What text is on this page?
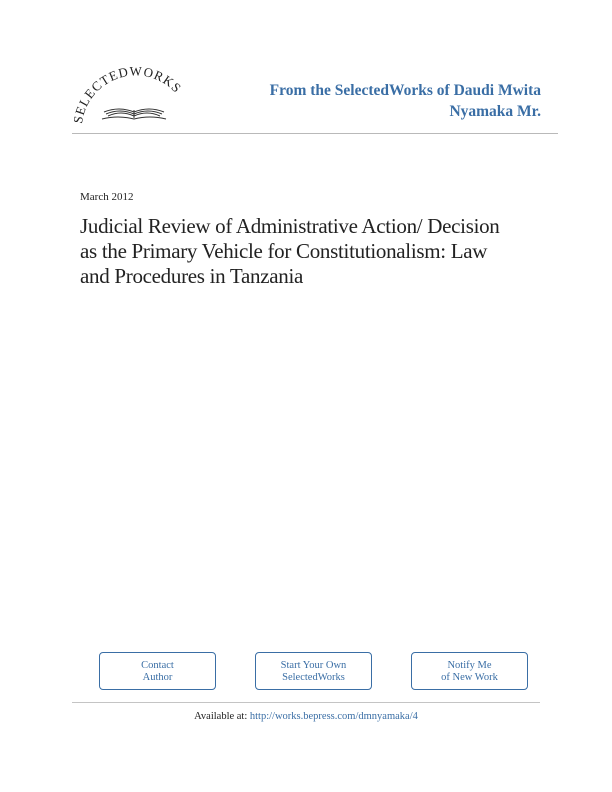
LECTEDWORKS	From the SelectedWorks of Daudi Mwita
Nyamaka Mr.
March 2012
Judicial Review of Administrative Action/ Decision
as the Primary Vehicle for Constitutionalism: Law
and Procedures in Tanzania
Contact
Author
Start Your Own
SelectedWorks
Notify Me
of New Work
Available at: http://works.bepress.com/dmnyamaka/4
